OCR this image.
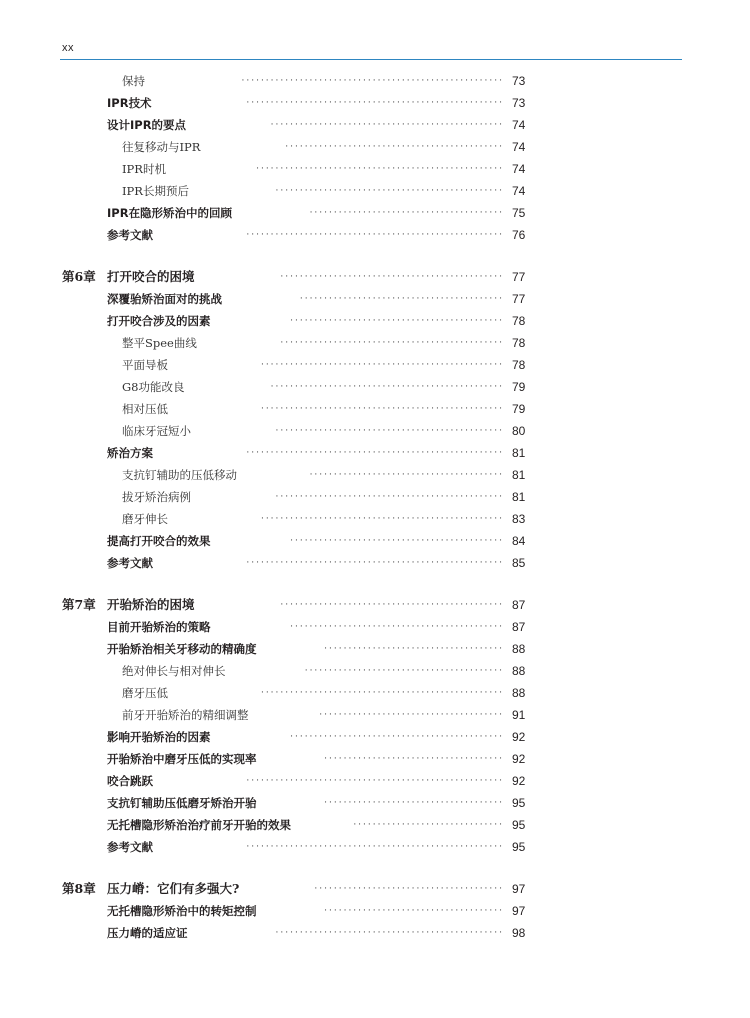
xx
保持	······················································ 73
IPR技术	····················································· 73
设计IPR的要点	················································ 74
往复移动与IPR	············································· 74
IPR时机	··················································· 74
IPR长期预后	··············································· 74
IPR在隐形矫治中的回顾	········································ 75
参考文献	····················································· 76
第6章 打开咬合的困境	·············································· 77
深覆骀矫治面对的挑战	·········································· 77
打开咬合涉及的因素	············································ 78
整平Spee曲线	·············································· 78
平面导板	·················································· 78
G8功能改良	················································ 79
相对压低	·················································· 79
临床牙冠短小	··············································· 80
矫治方案	····················································· 81
支抗钉辅助的压低移动	········································ 81
拔牙矫治病例	··············································· 81
磨牙伸长	·················································· 83
提高打开咬合的效果	············································ 84
参考文献	····················································· 85
第7章 开骀矫治的困境	·············································· 87
目前开骀矫治的策略	············································ 87
开骀矫治相关牙移动的精确度	····································· 88
绝对伸长与相对伸长	········································· 88
磨牙压低	·················································· 88
前牙开骀矫治的精细调整	······································ 91
影响开骀矫治的因素	············································ 92
开骀矫治中磨牙压低的实现率	····································· 92
咬合跳跃	····················································· 92
支抗钉辅助压低磨牙矫治开骀	····································· 95
无托槽隐形矫治治疗前牙开骀的效果	······························· 95
参考文献	····················································· 95
第8章 压力嵴：它们有多强大?	······································· 97
无托槽隐形矫治中的转矩控制	····································· 97
压力嵴的适应证	··············································· 98
